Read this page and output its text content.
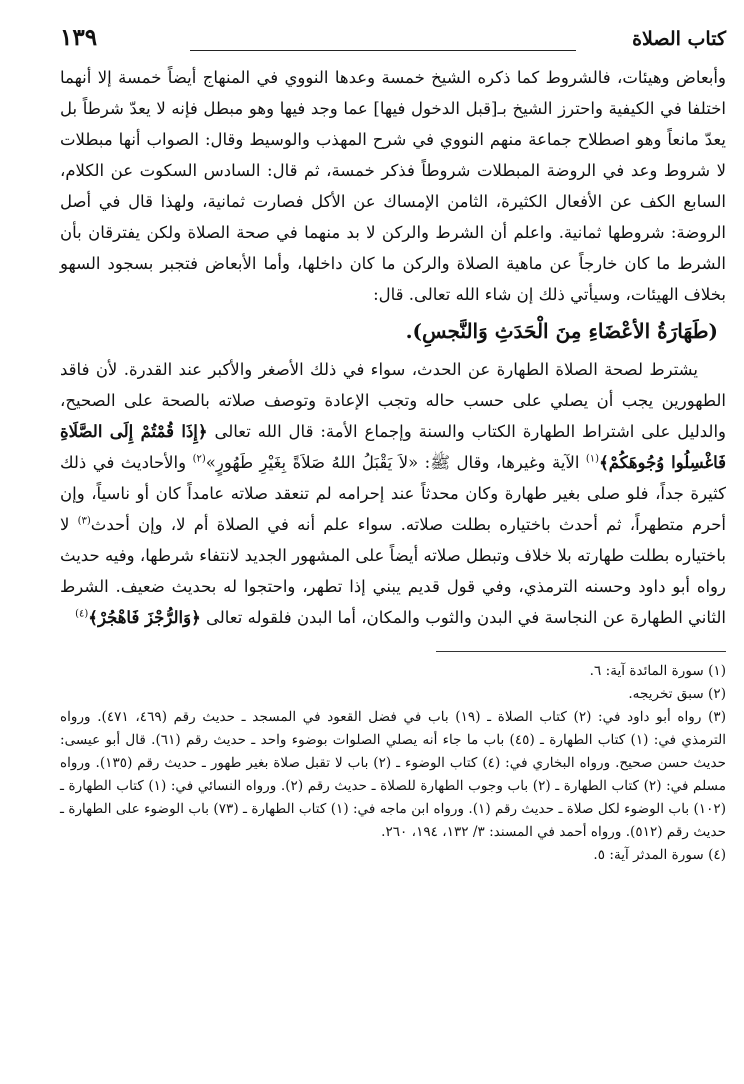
كتاب الصلاة
١٣٩

وأبعاض وهيئات، فالشروط كما ذكره الشيخ خمسة وعدها النووي في المنهاج أيضاً خمسة إلا أنهما اختلفا في الكيفية واحترز الشيخ بـ[قبل الدخول فيها] عما وجد فيها وهو مبطل فإنه لا يعدّ شرطاً بل يعدّ مانعاً وهو اصطلاح جماعة منهم النووي في شرح المهذب والوسيط وقال: الصواب أنها مبطلات لا شروط وعد في الروضة المبطلات شروطاً فذكر خمسة، ثم قال: السادس السكوت عن الكلام، السابع الكف عن الأفعال الكثيرة، الثامن الإمساك عن الأكل فصارت ثمانية، ولهذا قال في أصل الروضة: شروطها ثمانية. واعلم أن الشرط والركن لا بد منهما في صحة الصلاة ولكن يفترقان بأن الشرط ما كان خارجاً عن ماهية الصلاة والركن ما كان داخلها، وأما الأبعاض فتجبر بسجود السهو بخلاف الهيئات، وسيأتي ذلك إن شاء الله تعالى. قال:

(طَهَارَةُ الأعْضَاءِ مِنَ الْحَدَثِ وَالنَّجسِ).

يشترط لصحة الصلاة الطهارة عن الحدث، سواء في ذلك الأصغر والأكبر عند القدرة. لأن فاقد الطهورين يجب أن يصلي على حسب حاله وتجب الإعادة وتوصف صلاته بالصحة على الصحيح، والدليل على اشتراط الطهارة الكتاب والسنة وإجماع الأمة: قال الله تعالى ﴿إِذَا قُمْتُمْ إِلَى الصَّلَاةِ فَاغْسِلُوا وُجُوهَكُمْ﴾$^{(١)}$ الآية وغيرها، وقال ﷺ: «لاَ يَقْبَلُ اللهُ صَلاَةً بِغَيْرِ طَهُورٍ»$^{(٢)}$ والأحاديث في ذلك كثيرة جداً، فلو صلى بغير طهارة وكان محدثاً عند إحرامه لم تنعقد صلاته عامداً كان أو ناسياً، وإن أحرم متطهراً، ثم أحدث باختياره بطلت صلاته. سواء علم أنه في الصلاة أم لا، وإن أحدث$^{(٣)}$ لا باختياره بطلت طهارته بلا خلاف وتبطل صلاته أيضاً على المشهور الجديد لانتفاء شرطها، وفيه حديث رواه أبو داود وحسنه الترمذي، وفي قول قديم يبني إذا تطهر، واحتجوا له بحديث ضعيف. الشرط الثاني الطهارة عن النجاسة في البدن والثوب والمكان، أما البدن فلقوله تعالى ﴿وَالرُّجْزَ فَاهْجُرْ﴾$^{(٤)}$

(١) سورة المائدة آية: ٦.

(٢) سبق تخريجه.

(٣) رواه أبو داود في: (٢) كتاب الصلاة ـ (١٩) باب في فضل القعود في المسجد ـ حديث رقم (٤٦٩، ٤٧١). ورواه الترمذي في: (١) كتاب الطهارة ـ (٤٥) باب ما جاء أنه يصلي الصلوات بوضوء واحد ـ حديث رقم (٦١). قال أبو عيسى: حديث حسن صحيح. ورواه البخاري في: (٤) كتاب الوضوء ـ (٢) باب لا تقبل صلاة بغير طهور ـ حديث رقم (١٣٥). ورواه مسلم في: (٢) كتاب الطهارة ـ (٢) باب وجوب الطهارة للصلاة ـ حديث رقم (٢). ورواه النسائي في: (١) كتاب الطهارة ـ (١٠٢) باب الوضوء لكل صلاة ـ حديث رقم (١). ورواه ابن ماجه في: (١) كتاب الطهارة ـ (٧٣) باب الوضوء على الطهارة ـ حديث رقم (٥١٢). ورواه أحمد في المسند: ٣/ ١٣٢، ١٩٤، ٢٦٠.

(٤) سورة المدثر آية: ٥.
